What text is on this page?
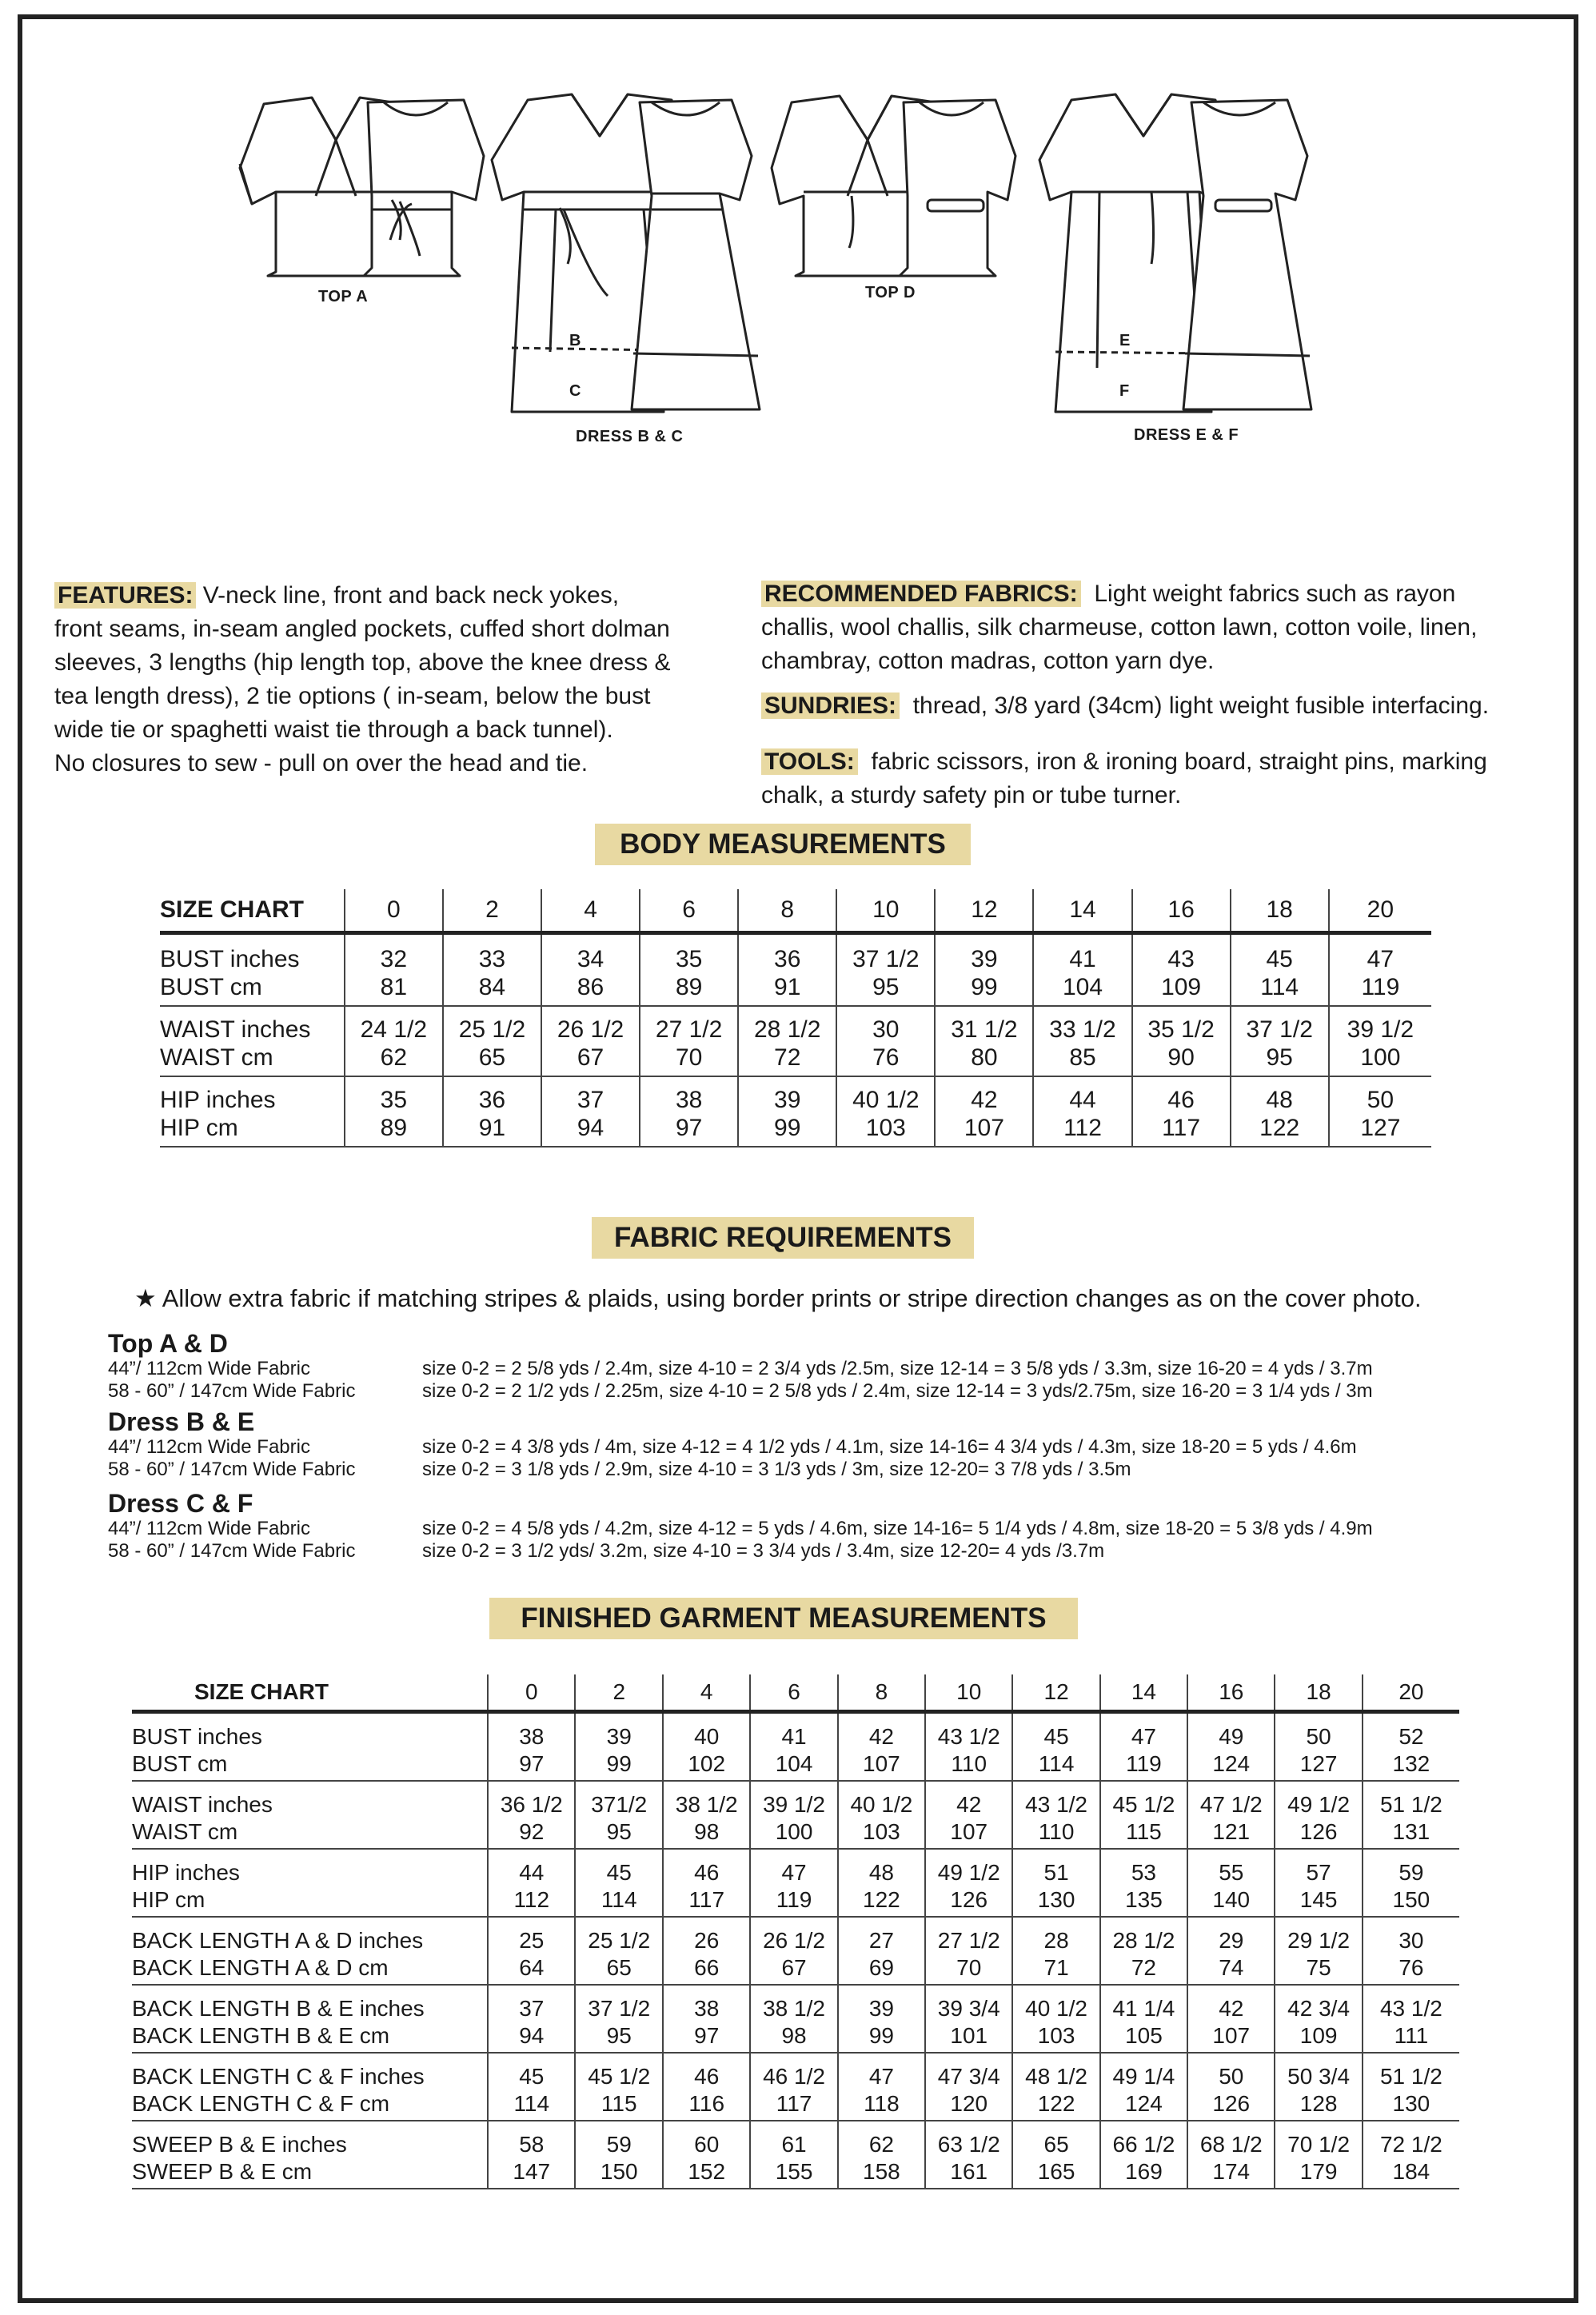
TOP A	TOP D
DRESS B & C	DRESS E & F
B
C
E
F
FEATURES: V-neck line, front and back neck yokes,
front seams, in-seam angled pockets, cuffed short dolman
sleeves, 3 lengths (hip length top, above the knee dress &
tea length dress), 2 tie options ( in-seam, below the bust
wide tie or spaghetti waist tie through a back tunnel).
No closures to sew - pull on over the head and tie.
RECOMMENDED FABRICS: Light weight fabrics such as rayon
challis, wool challis, silk charmeuse, cotton lawn, cotton voile, linen,
chambray, cotton madras, cotton yarn dye.
SUNDRIES: thread, 3/8 yard (34cm) light weight fusible interfacing.
TOOLS: fabric scissors, iron & ironing board, straight pins, marking
chalk, a sturdy safety pin or tube turner.
BODY MEASUREMENTS
SIZE CHART	0	2	4	6	8	10	12	14	16	18	20
BUST inches	32	33	34	35	36	37 1/2	39	41	43	45	47
BUST cm	81	84	86	89	91	95	99	104	109	114	119
WAIST inches	24 1/2	25 1/2	26 1/2	27 1/2	28 1/2	30	31 1/2	33 1/2	35 1/2	37 1/2	39 1/2
WAIST cm	62	65	67	70	72	76	80	85	90	95	100
HIP inches	35	36	37	38	39	40 1/2	42	44	46	48	50
HIP cm	89	91	94	97	99	103	107	112	117	122	127
FABRIC REQUIREMENTS
★ Allow extra fabric if matching stripes & plaids, using border prints or stripe direction changes as on the cover photo.
Top A & D
44”/ 112cm Wide Fabric	size 0-2 = 2 5/8 yds / 2.4m, size 4-10 = 2 3/4 yds /2.5m, size 12-14 = 3 5/8 yds / 3.3m, size 16-20 = 4 yds / 3.7m
58 - 60” / 147cm Wide Fabric	size 0-2 = 2 1/2 yds / 2.25m, size 4-10 = 2 5/8 yds / 2.4m, size 12-14 = 3 yds/2.75m, size 16-20 = 3 1/4 yds / 3m
Dress B & E
44”/ 112cm Wide Fabric	size 0-2 = 4 3/8 yds / 4m, size 4-12 = 4 1/2 yds / 4.1m, size 14-16= 4 3/4 yds / 4.3m, size 18-20 = 5 yds / 4.6m
58 - 60” / 147cm Wide Fabric	size 0-2 = 3 1/8 yds / 2.9m, size 4-10 = 3 1/3 yds / 3m, size 12-20= 3 7/8 yds / 3.5m
Dress C & F
44”/ 112cm Wide Fabric	size 0-2 = 4 5/8 yds / 4.2m, size 4-12 = 5 yds / 4.6m, size 14-16= 5 1/4 yds / 4.8m, size 18-20 = 5 3/8 yds / 4.9m
58 - 60” / 147cm Wide Fabric	size 0-2 = 3 1/2 yds/ 3.2m, size 4-10 = 3 3/4 yds / 3.4m, size 12-20= 4 yds /3.7m
FINISHED GARMENT MEASUREMENTS
SIZE CHART	0	2	4	6	8	10	12	14	16	18	20
BUST inches	38	39	40	41	42	43 1/2	45	47	49	50	52
BUST cm	97	99	102	104	107	110	114	119	124	127	132
WAIST inches	36 1/2	371/2	38 1/2	39 1/2	40 1/2	42	43 1/2	45 1/2	47 1/2	49 1/2	51 1/2
WAIST cm	92	95	98	100	103	107	110	115	121	126	131
HIP inches	44	45	46	47	48	49 1/2	51	53	55	57	59
HIP cm	112	114	117	119	122	126	130	135	140	145	150
BACK LENGTH A & D inches	25	25 1/2	26	26 1/2	27	27 1/2	28	28 1/2	29	29 1/2	30
BACK LENGTH A & D cm	64	65	66	67	69	70	71	72	74	75	76
BACK LENGTH B & E inches	37	37 1/2	38	38 1/2	39	39 3/4	40 1/2	41 1/4	42	42 3/4	43 1/2
BACK LENGTH B & E cm	94	95	97	98	99	101	103	105	107	109	111
BACK LENGTH C & F inches	45	45 1/2	46	46 1/2	47	47 3/4	48 1/2	49 1/4	50	50 3/4	51 1/2
BACK LENGTH C & F cm	114	115	116	117	118	120	122	124	126	128	130
SWEEP B & E inches	58	59	60	61	62	63 1/2	65	66 1/2	68 1/2	70 1/2	72 1/2
SWEEP B & E cm	147	150	152	155	158	161	165	169	174	179	184
